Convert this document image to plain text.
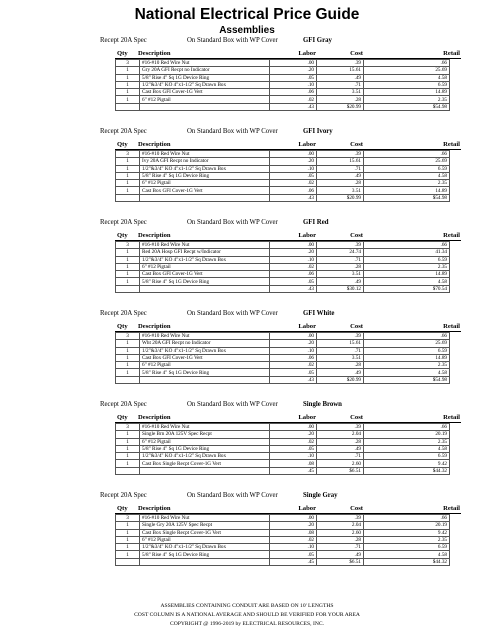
National Electrical Price Guide
Assemblies
Recept 20A Spec	On Standard Box with WP Cover	GFI Gray
Qty Description	Labor	Cost	Retail
3	#16-#10 Red Wire Nut	.00	.39	.66
1	Gry 20A GFI Recpt no Indicator	.20	15.61	25.69
1	5/8" Rise 4" Sq 1G Device Ring	.05	.49	4.58
1	1/2"&3/4" KO 4"x1-1/2" Sq Drawn Box	.10	.71	6.59
1	Cast Box GFI Cover-1G Vert	.06	3.51	14.89
1	6" #12 Pigtail	.02	.28	2.35
		.43	$20.99	$54.98
Recept 20A Spec	On Standard Box with WP Cover	GFI Ivory
Qty Description	Labor	Cost	Retail
3	#16-#10 Red Wire Nut	.00	.39	.66
1	Ivy 20A GFI Recpt no Indicator	.20	15.61	25.69
1	1/2"&3/4" KO 4"x1-1/2" Sq Drawn Box	.10	.71	6.59
1	5/8" Rise 4" Sq 1G Device Ring	.05	.49	4.58
1	6" #12 Pigtail	.02	.28	2.35
1	Cast Box GFI Cover-1G Vert	.06	3.51	14.89
		.43	$20.99	$54.98
Recept 20A Spec	On Standard Box with WP Cover	GFI Red
Qty Description	Labor	Cost	Retail
3	#16-#10 Red Wire Nut	.00	.39	.66
1	Red 20A Hosp GFI Recpt w/Indicator	.20	24.74	41.34
1	1/2"&3/4" KO 4"x1-1/2" Sq Drawn Box	.10	.71	6.59
1	6" #12 Pigtail	.02	.28	2.35
1	Cast Box GFI Cover-1G Vert	.06	3.51	14.89
1	5/8" Rise 4" Sq 1G Device Ring	.05	.49	4.58
		.43	$30.12	$70.54
Recept 20A Spec	On Standard Box with WP Cover	GFI White
Qty Description	Labor	Cost	Retail
3	#16-#10 Red Wire Nut	.00	.39	.66
1	Wht 20A GFI Recpt no Indicator	.20	15.61	25.69
1	1/2"&3/4" KO 4"x1-1/2" Sq Drawn Box	.10	.71	6.59
1	Cast Box GFI Cover-1G Vert	.06	3.51	14.89
1	6" #12 Pigtail	.02	.28	2.35
1	5/8" Rise 4" Sq 1G Device Ring	.05	.49	4.58
		.43	$20.99	$54.98
Recept 20A Spec	On Standard Box with WP Cover	Single Brown
Qty Description	Labor	Cost	Retail
3	#16-#10 Red Wire Nut	.00	.39	.66
1	Single Brn 20A 125V Spec Recpt	.20	2.04	20.19
1	6" #12 Pigtail	.02	.28	2.35
1	5/8" Rise 4" Sq 1G Device Ring	.05	.49	4.58
1	1/2"&3/4" KO 4"x1-1/2" Sq Drawn Box	.10	.71	6.59
1	Cast Box Single Recpt Cover-1G Vert	.08	2.60	9.42
		.45	$6.51	$44.32
Recept 20A Spec	On Standard Box with WP Cover	Single Gray
Qty Description	Labor	Cost	Retail
3	#16-#10 Red Wire Nut	.00	.39	.66
1	Single Gry 20A 125V Spec Recpt	.20	2.04	20.19
1	Cast Box Single Recpt Cover-1G Vert	.08	2.60	9.42
1	6" #12 Pigtail	.02	.28	2.35
1	1/2"&3/4" KO 4"x1-1/2" Sq Drawn Box	.10	.71	6.59
1	5/8" Rise 4" Sq 1G Device Ring	.05	.49	4.58
		.45	$6.51	$44.32
ASSEMBLIES CONTAINING CONDUIT ARE BASED ON 10' LENGTHS
COST COLUMN IS A NATIONAL AVERAGE AND SHOULD BE VERIFIED FOR YOUR AREA
COPYRIGHT @ 1996-2019 by ELECTRICAL RESOURCES, INC.
